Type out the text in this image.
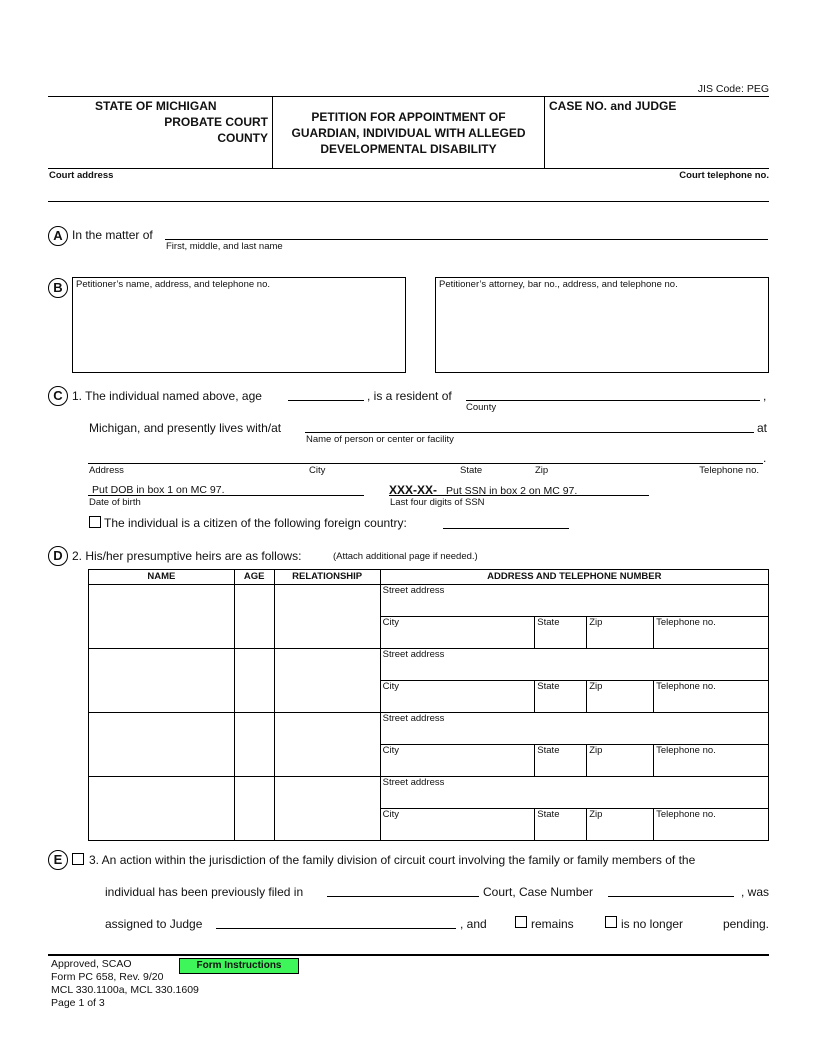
JIS Code: PEG
STATE OF MICHIGAN
PROBATE COURT
COUNTY
PETITION FOR APPOINTMENT OF
GUARDIAN, INDIVIDUAL WITH ALLEGED
DEVELOPMENTAL DISABILITY
CASE NO. and JUDGE
Court address	Court telephone no.
A In the matter of
First, middle, and last name
B	Petitioner’s name, address, and telephone no.	Petitioner’s attorney, bar no., address, and telephone no.
C 1. The individual named above, age	, is a resident of	,
County
Michigan, and presently lives with/at	at
Name of person or center or facility
.
Address	City	State	Zip	Telephone no.
Put DOB in box 1 on MC 97.
Date of birth
XXX-XX- Put SSN in box 2 on MC 97.
Last four digits of SSN
The individual is a citizen of the following foreign country:
D 2. His/her presumptive heirs are as follows:	(Attach additional page if needed.)
NAME	AGE	RELATIONSHIP	ADDRESS AND TELEPHONE NUMBER			
			Street address			
			City	State	Zip	Telephone no.
			Street address			
			City	State	Zip	Telephone no.
			Street address			
			City	State	Zip	Telephone no.
			Street address			
			City	State	Zip	Telephone no.
E	3. An action within the jurisdiction of the family division of circuit court involving the family or family members of the
individual has been previously filed in	Court, Case Number	, was
assigned to Judge	, and	remains	is no longer	pending.
Approved, SCAO
Form PC 658, Rev. 9/20
MCL 330.1100a, MCL 330.1609
Page 1 of 3
Form Instructions
